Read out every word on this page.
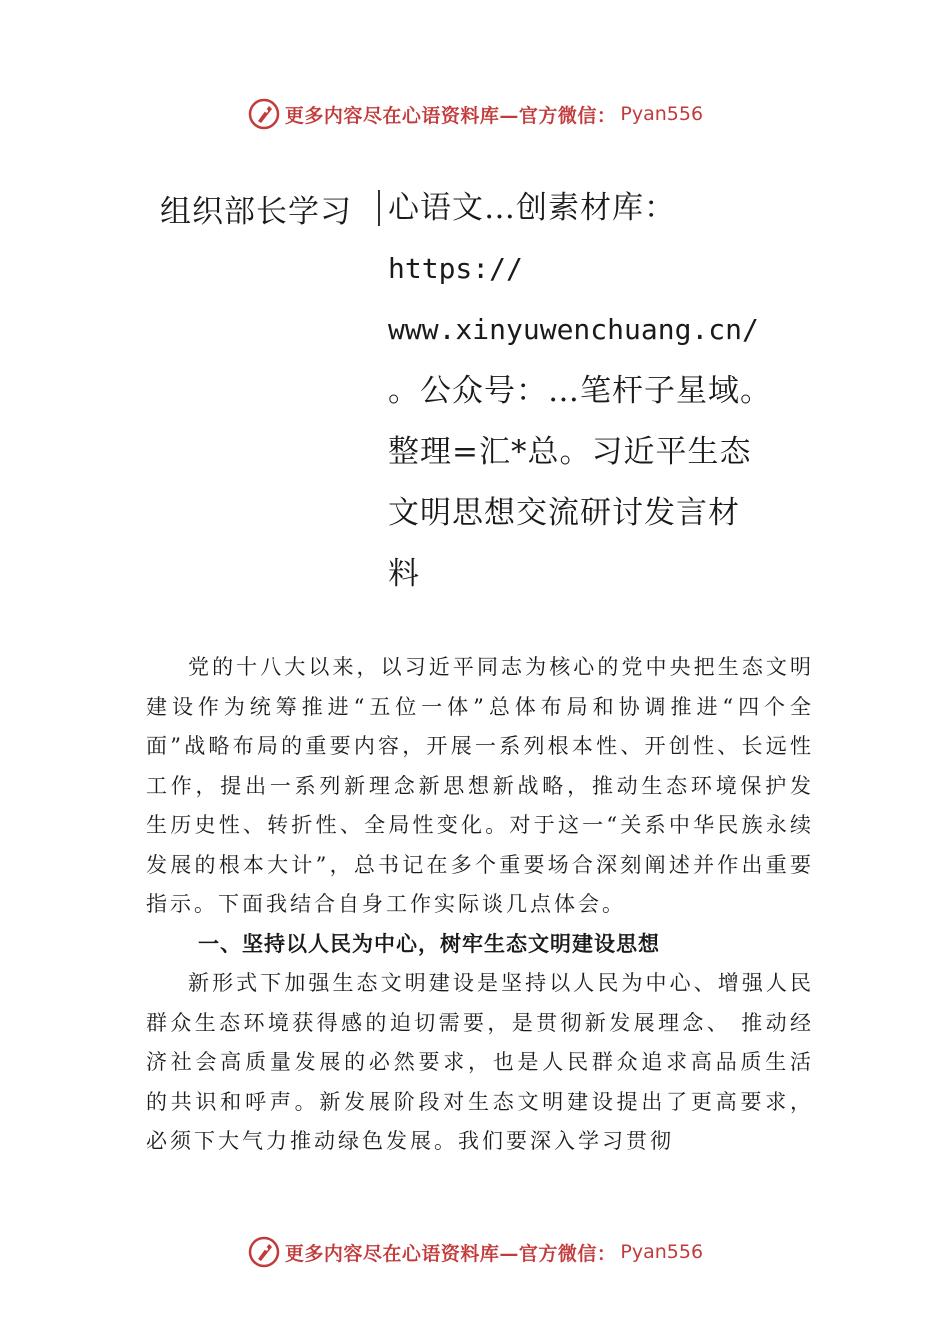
更多内容尽在心语资料库—官方微信： Pyan556
组织部长学习 心语文…创素材库：
https://
www.xinyuwenchuang.cn/
。公众号：…笔杆子星域。
整理=汇*总。习近平生态
文明思想交流研讨发言材
料

党的十八大以来，以习近平同志为核心的党中央把生态文明建设作为统筹推进“五位一体”总体布局和协调推进“四个全面”战略布局的重要内容，开展一系列根本性、开创性、长远性工作，提出一系列新理念新思想新战略，推动生态环境保护发生历史性、转折性、全局性变化。对于这一“关系中华民族永续发展的根本大计”，总书记在多个重要场合深刻阐述并作出重要指示。下面我结合自身工作实际谈几点体会。

一、坚持以人民为中心，树牢生态文明建设思想

新形式下加强生态文明建设是坚持以人民为中心、增强人民群众生态环境获得感的迫切需要，是贯彻新发展理念、 推动经济社会高质量发展的必然要求，也是人民群众追求高品质生活的共识和呼声。新发展阶段对生态文明建设提出了更高要求，必须下大气力推动绿色发展。我们要深入学习贯彻

更多内容尽在心语资料库—官方微信： Pyan556
